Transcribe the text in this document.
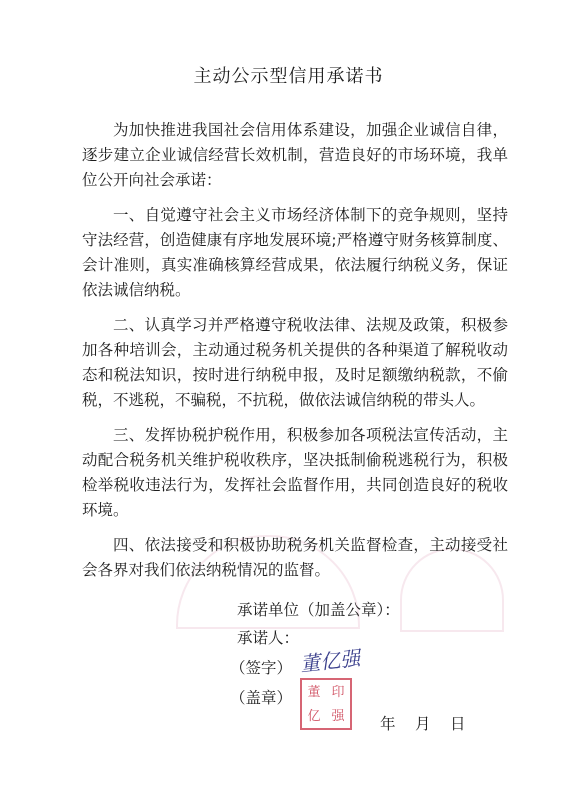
主动公示型信用承诺书

为加快推进我国社会信用体系建设，加强企业诚信自律，逐步建立企业诚信经营长效机制，营造良好的市场环境，我单位公开向社会承诺：

一、自觉遵守社会主义市场经济体制下的竞争规则，坚持守法经营，创造健康有序地发展环境;严格遵守财务核算制度、会计准则，真实准确核算经营成果，依法履行纳税义务，保证依法诚信纳税。

二、认真学习并严格遵守税收法律、法规及政策，积极参加各种培训会，主动通过税务机关提供的各种渠道了解税收动态和税法知识，按时进行纳税申报，及时足额缴纳税款，不偷税，不逃税，不骗税，不抗税，做依法诚信纳税的带头人。

三、发挥协税护税作用，积极参加各项税法宣传活动，主动配合税务机关维护税收秩序，坚决抵制偷税逃税行为，积极检举税收违法行为，发挥社会监督作用，共同创造良好的税收环境。

四、依法接受和积极协助税务机关监督检查，主动接受社会各界对我们依法纳税情况的监督。

承诺单位（加盖公章）：
承诺人：
（签字） 董亿强
（盖章） 董 印
亿 强 年　月　日
